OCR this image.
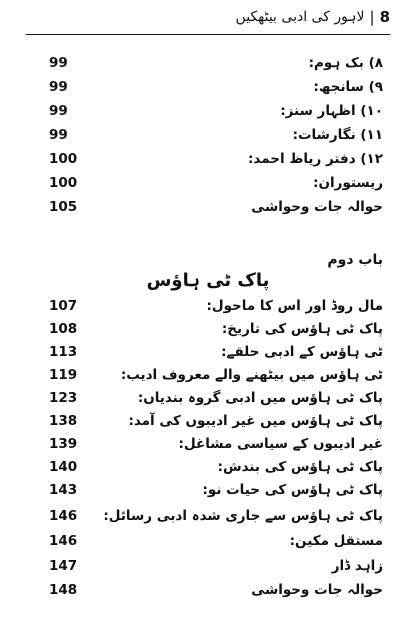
8
|
لاہور کی ادبی بیٹھکیں
۸) بک ہوم:
99
۹) سانجھ:
99
۱۰) اظہار سنز:
99
۱۱) نگارشات:
99
۱۲) دفتر ریاظ احمد:
100
ریستوران:
100
حوالہ جات وحواشی
105
باب دوم
پاک ٹی ہاؤس
مال روڈ اور اس کا ماحول:
107
پاک ٹی ہاؤس کی تاریخ:
108
ٹی ہاؤس کے ادبی حلقے:
113
ٹی ہاؤس میں بیٹھنے والے معروف ادیب:
119
پاک ٹی ہاؤس میں ادبی گروہ بندیاں:
123
پاک ٹی ہاؤس میں غیر ادیبوں کی آمد:
138
غیر ادیبوں کے سیاسی مشاغل:
139
پاک ٹی ہاؤس کی بندش:
140
پاک ٹی ہاؤس کی حیات نو:
143
پاک ٹی ہاؤس سے جاری شدہ ادبی رسائل:
146
مستقل مکین:
146
زاہد ڈار
147
حوالہ جات وحواشی
148
